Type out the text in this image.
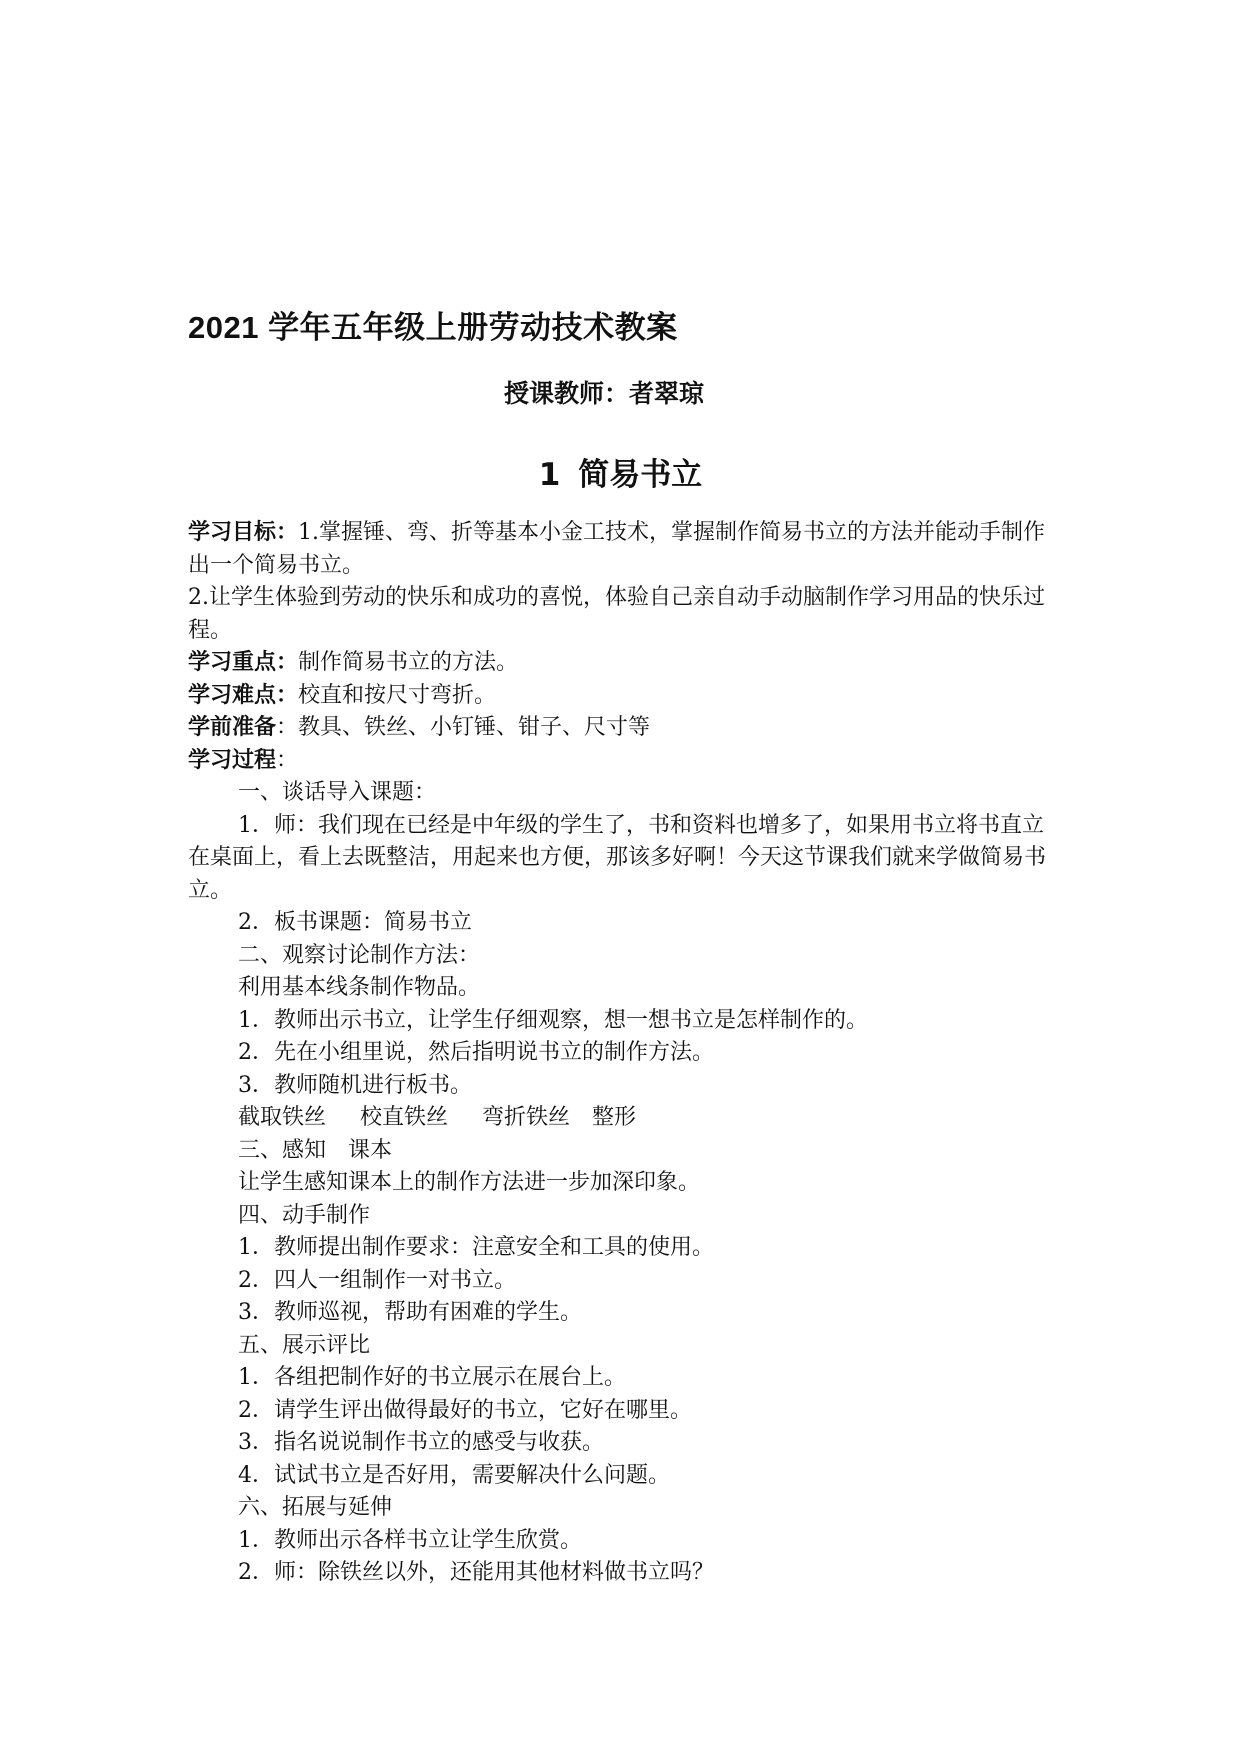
2021 学年五年级上册劳动技术教案
授课教师：者翠琼
1 简易书立

学习目标：1.掌握锤、弯、折等基本小金工技术，掌握制作简易书立的方法并能动手制作出一个简易书立。

2.让学生体验到劳动的快乐和成功的喜悦，体验自己亲自动手动脑制作学习用品的快乐过程。

学习重点：制作简易书立的方法。

学习难点：校直和按尺寸弯折。

学前准备：教具、铁丝、小钉锤、钳子、尺寸等

学习过程：

一、谈话导入课题：

1．师：我们现在已经是中年级的学生了，书和资料也增多了，如果用书立将书直立在桌面上，看上去既整洁，用起来也方便，那该多好啊！今天这节课我们就来学做简易书立。

2．板书课题：简易书立

二、观察讨论制作方法：

利用基本线条制作物品。

1．教师出示书立，让学生仔细观察，想一想书立是怎样制作的。

2．先在小组里说，然后指明说书立的制作方法。

3．教师随机进行板书。

截取铁丝 校直铁丝 弯折铁丝 整形

三、感知 课本

让学生感知课本上的制作方法进一步加深印象。

四、动手制作

1．教师提出制作要求：注意安全和工具的使用。

2．四人一组制作一对书立。

3．教师巡视，帮助有困难的学生。

五、展示评比

1．各组把制作好的书立展示在展台上。

2．请学生评出做得最好的书立，它好在哪里。

3．指名说说制作书立的感受与收获。

4．试试书立是否好用，需要解决什么问题。

六、拓展与延伸

1．教师出示各样书立让学生欣赏。

2．师：除铁丝以外，还能用其他材料做书立吗？
